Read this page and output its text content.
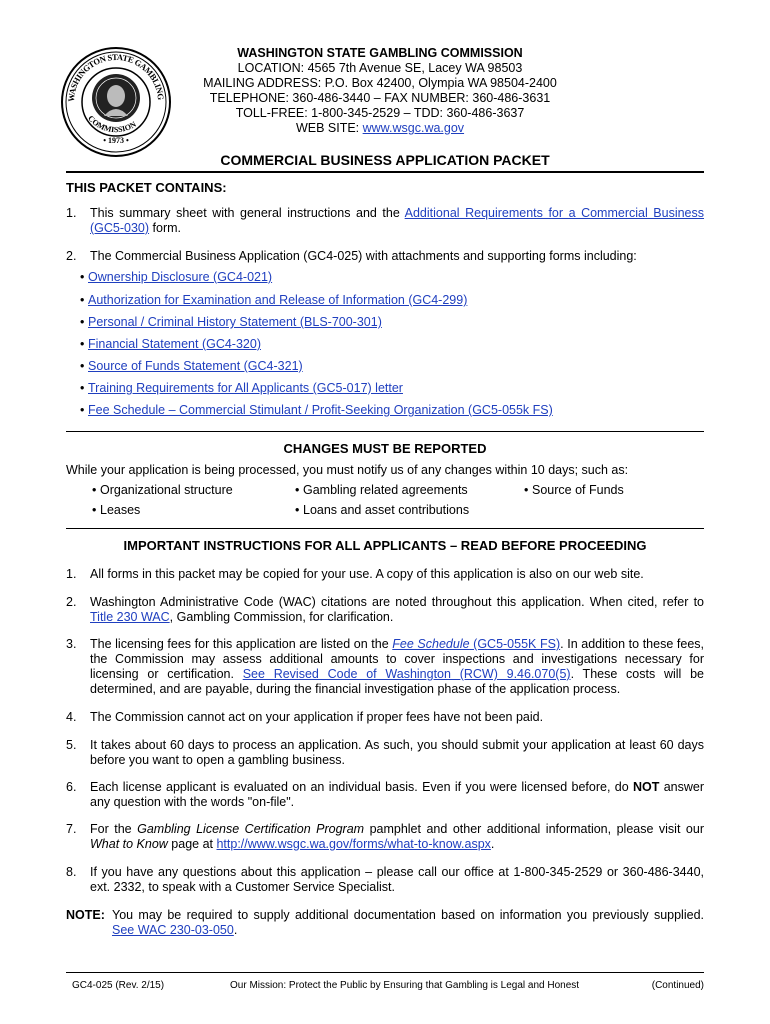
WASHINGTON STATE GAMBLING
COMMISSION
• 1973 •
WASHINGTON STATE GAMBLING COMMISSION
LOCATION: 4565 7th Avenue SE, Lacey WA 98503
MAILING ADDRESS: P.O. Box 42400, Olympia WA 98504-2400
TELEPHONE: 360-486-3440 – FAX NUMBER: 360-486-3631
TOLL-FREE: 1-800-345-2529 – TDD: 360-486-3637
WEB SITE: www.wsgc.wa.gov
COMMERCIAL BUSINESS APPLICATION PACKET
THIS PACKET CONTAINS:
1. This summary sheet with general instructions and the Additional Requirements for a Commercial Business (GC5-030) form.
2. The Commercial Business Application (GC4-025) with attachments and supporting forms including:
• Ownership Disclosure (GC4-021)
• Authorization for Examination and Release of Information (GC4-299)
• Personal / Criminal History Statement (BLS-700-301)
• Financial Statement (GC4-320)
• Source of Funds Statement (GC4-321)
• Training Requirements for All Applicants (GC5-017) letter
• Fee Schedule – Commercial Stimulant / Profit-Seeking Organization (GC5-055k FS)
CHANGES MUST BE REPORTED
While your application is being processed, you must notify us of any changes within 10 days; such as:
• Organizational structure	• Gambling related agreements	• Source of Funds
• Leases	• Loans and asset contributions
IMPORTANT INSTRUCTIONS FOR ALL APPLICANTS – READ BEFORE PROCEEDING
1. All forms in this packet may be copied for your use. A copy of this application is also on our web site.
2. Washington Administrative Code (WAC) citations are noted throughout this application. When cited, refer to Title 230 WAC, Gambling Commission, for clarification.
3. The licensing fees for this application are listed on the Fee Schedule (GC5-055K FS). In addition to these fees, the Commission may assess additional amounts to cover inspections and investigations necessary for licensing or certification. See Revised Code of Washington (RCW) 9.46.070(5). These costs will be determined, and are payable, during the financial investigation phase of the application process.
4. The Commission cannot act on your application if proper fees have not been paid.
5. It takes about 60 days to process an application. As such, you should submit your application at least 60 days before you want to open a gambling business.
6. Each license applicant is evaluated on an individual basis. Even if you were licensed before, do NOT answer any question with the words "on-file".
7. For the Gambling License Certification Program pamphlet and other additional information, please visit our What to Know page at http://www.wsgc.wa.gov/forms/what-to-know.aspx.
8. If you have any questions about this application – please call our office at 1-800-345-2529 or 360-486-3440, ext. 2332, to speak with a Customer Service Specialist.
NOTE: You may be required to supply additional documentation based on information you previously supplied. See WAC 230-03-050.
GC4-025 (Rev. 2/15)	Our Mission: Protect the Public by Ensuring that Gambling is Legal and Honest	(Continued)
